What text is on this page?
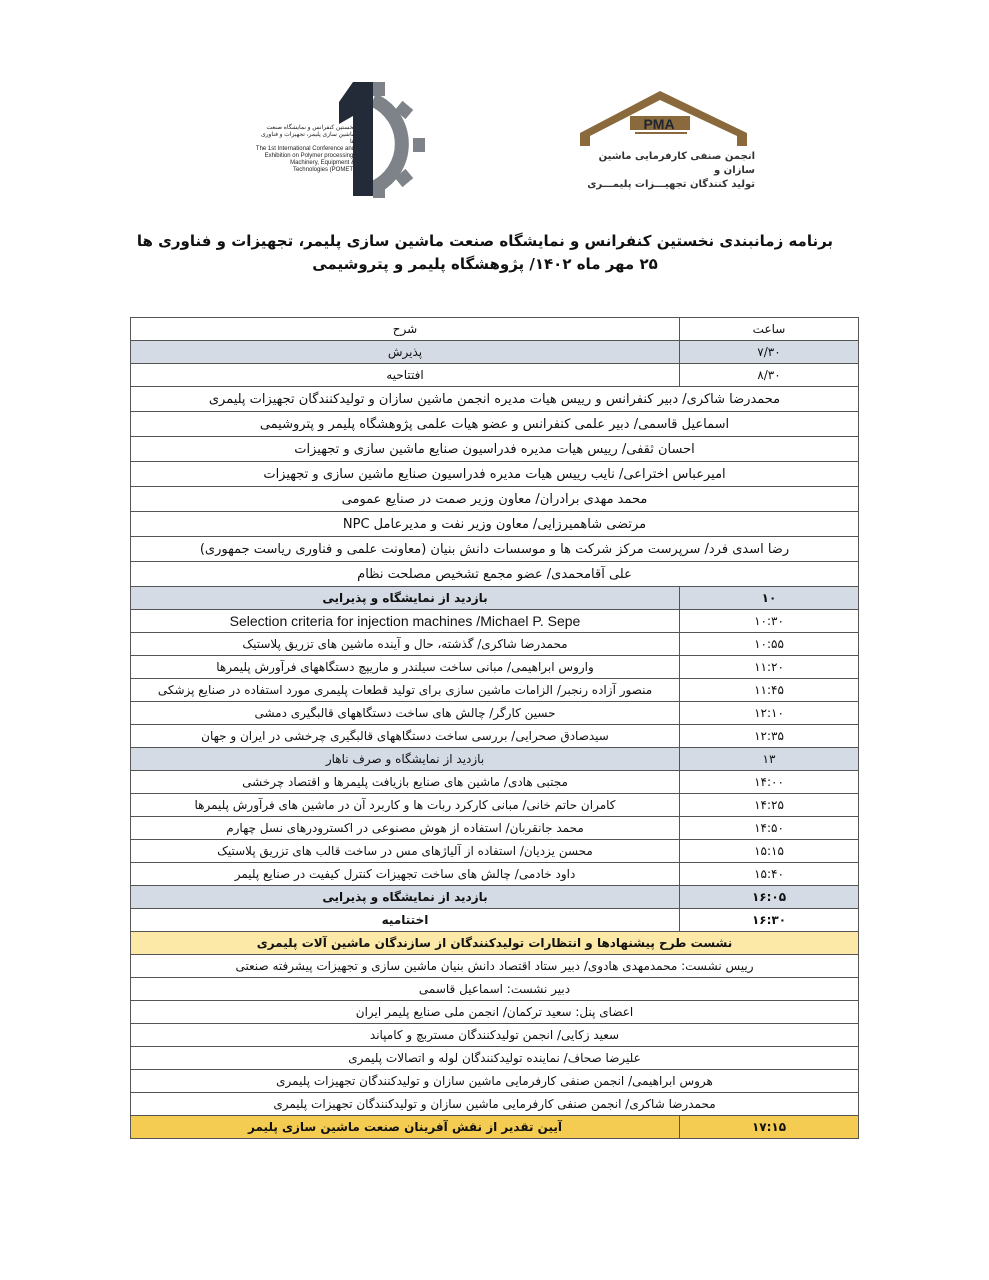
نخستین کنفرانس و نمایشگاه صنعت
ماشین سازی پلیمر، تجهیزات و فناوری ها
The 1st International Conference and Exhibition on Polymer processing: Machinery, Equipment & Technologies (POMET)
PMA
انجمن صنفی کارفرمایی ماشین سازان و
تولید کنندگان تجهیـــزات پلیمـــری
برنامه زمانبندی نخستین کنفرانس و نمایشگاه صنعت ماشین سازی پلیمر، تجهیزات و فناوری ها
۲۵ مهر ماه ۱۴۰۲/ پژوهشگاه پلیمر و پتروشیمی
ساعت	شرح
۷/۳۰	پذیرش
۸/۳۰	افتتاحیه
محمدرضا شاکری/ دبیر کنفرانس و رییس هیات مدیره انجمن ماشین سازان و تولیدکنندگان تجهیزات پلیمری	
اسماعیل قاسمی/ دبیر علمی کنفرانس و عضو هیات علمی پژوهشگاه پلیمر و پتروشیمی	
احسان ثقفی/ رییس هیات مدیره فدراسیون صنایع ماشین سازی و تجهیزات	
امیرعباس اختراعی/ نایب رییس هیات مدیره فدراسیون صنایع ماشین سازی و تجهیزات	
محمد مهدی برادران/ معاون وزیر صمت در صنایع عمومی	
مرتضی شاهمیرزایی/ معاون وزیر نفت و مدیرعامل NPC	
رضا اسدی فرد/ سرپرست مرکز شرکت ها و موسسات دانش بنیان (معاونت علمی و فناوری ریاست جمهوری)	
علی آقامحمدی/ عضو مجمع تشخیص مصلحت نظام	
۱۰	بازدید از نمایشگاه و پذیرایی
۱۰:۳۰	Selection criteria for injection machines /Michael P. Sepe
۱۰:۵۵	محمدرضا شاکری/ گذشته، حال و آینده ماشین های تزریق پلاستیک
۱۱:۲۰	واروس ابراهیمی/ مبانی ساخت سیلندر و ماریپچ دستگاههای فرآورش پلیمرها
۱۱:۴۵	منصور آزاده رنجبر/ الزامات ماشین سازی برای تولید قطعات پلیمری مورد استفاده در صنایع پزشکی
۱۲:۱۰	حسین کارگر/ چالش های ساخت دستگاههای قالبگیری دمشی
۱۲:۳۵	سیدصادق صحرایی/ بررسی ساخت دستگاههای قالبگیری چرخشی در ایران و جهان
۱۳	بازدید از نمایشگاه و صرف ناهار
۱۴:۰۰	مجتبی هادی/ ماشین های صنایع بازیافت پلیمرها و اقتصاد چرخشی
۱۴:۲۵	کامران حاتم خانی/ مبانی کارکرد ربات ها و کاربرد آن در ماشین های فرآورش پلیمرها
۱۴:۵۰	محمد جانقربان/ استفاده از هوش مصنوعی در اکسترودرهای نسل چهارم
۱۵:۱۵	محسن یزدیان/ استفاده از آلیاژهای مس در ساخت قالب های تزریق پلاستیک
۱۵:۴۰	داود خادمی/ چالش های ساخت تجهیزات کنترل کیفیت در صنایع پلیمر
۱۶:۰۵	بازدید از نمایشگاه و پذیرایی
۱۶:۳۰	اختتامیه
نشست طرح پیشنهادها و انتظارات تولیدکنندگان از سازندگان ماشین آلات پلیمری	
رییس نشست: محمدمهدی هادوی/ دبیر ستاد اقتصاد دانش بنیان ماشین سازی و تجهیزات پیشرفته صنعتی	
دبیر نشست: اسماعیل قاسمی	
اعضای پنل: سعید ترکمان/ انجمن ملی صنایع پلیمر ایران	
سعید زکایی/ انجمن تولیدکنندگان مستربچ و کامپاند	
علیرضا صحاف/ نماینده تولیدکنندگان لوله و اتصالات پلیمری	
هروس ابراهیمی/ انجمن صنفی کارفرمایی ماشین سازان و تولیدکنندگان تجهیزات پلیمری	
محمدرضا شاکری/ انجمن صنفی کارفرمایی ماشین سازان و تولیدکنندگان تجهیزات پلیمری	
۱۷:۱۵	آیین تقدیر از نقش آفرینان صنعت ماشین سازی پلیمر
